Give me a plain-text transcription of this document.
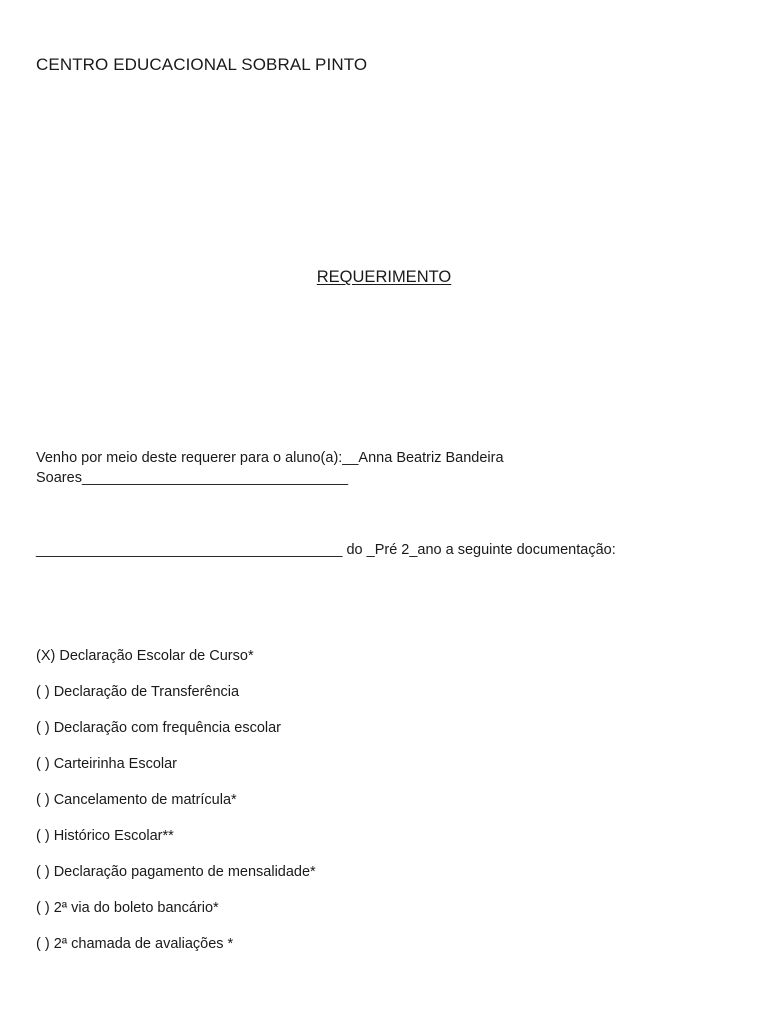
CENTRO EDUCACIONAL SOBRAL PINTO
REQUERIMENTO
Venho por meio deste requerer para o aluno(a):__Anna Beatriz Bandeira
Soares_________________________________
______________________________________ do _Pré 2_ano a seguinte documentação:
(X) Declaração Escolar de Curso*
( ) Declaração de Transferência
( ) Declaração com frequência escolar
( ) Carteirinha Escolar
( ) Cancelamento de matrícula*
( ) Histórico Escolar**
( ) Declaração pagamento de mensalidade*
( ) 2ª via do boleto bancário*
( ) 2ª chamada de avaliações *
